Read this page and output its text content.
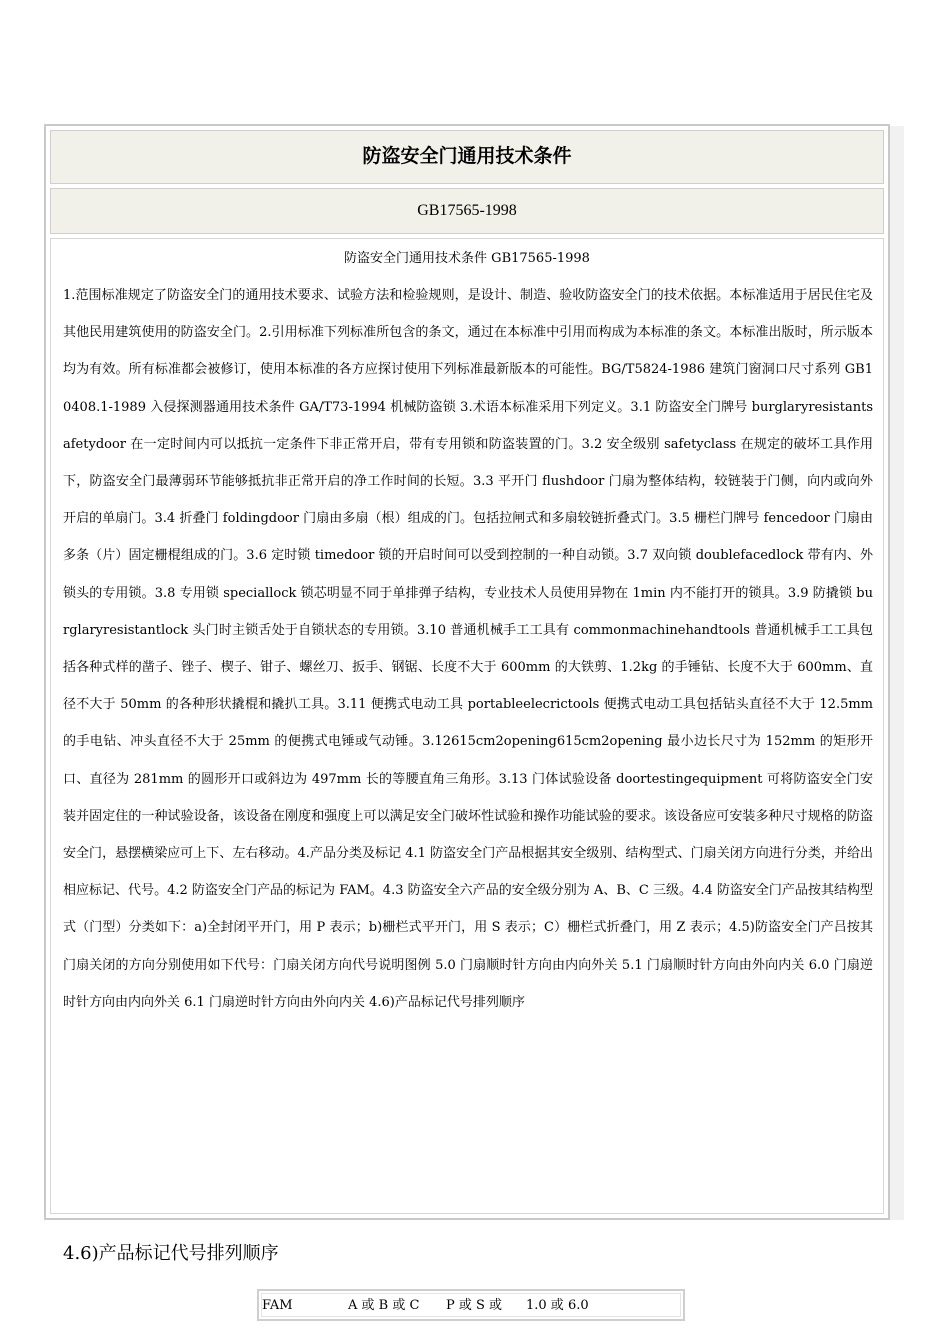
防盗安全门通用技术条件
GB17565-1998
防盗安全门通用技术条件 GB17565-1998
1.范围标准规定了防盗安全门的通用技术要求、试验方法和检验规则，是设计、制造、验收防盗安全门的技术依据。本标准适用于居民住宅及其他民用建筑使用的防盗安全门。2.引用标准下列标准所包含的条文，通过在本标准中引用而构成为本标准的条文。本标准出版时，所示版本均为有效。所有标准都会被修订，使用本标准的各方应探讨使用下列标准最新版本的可能性。BG/T5824-1986 建筑门窗洞口尺寸系列 GB10408.1-1989 入侵探测器通用技术条件 GA/T73-1994 机械防盗锁 3.术语本标准采用下列定义。3.1 防盗安全门牌号 burglaryresistantsafetydoor 在一定时间内可以抵抗一定条件下非正常开启，带有专用锁和防盗装置的门。3.2 安全级别 safetyclass 在规定的破坏工具作用下，防盗安全门最薄弱环节能够抵抗非正常开启的净工作时间的长短。3.3 平开门 flushdoor 门扇为整体结构，较链装于门侧，向内或向外开启的单扇门。3.4 折叠门 foldingdoor 门扇由多扇（根）组成的门。包括拉闸式和多扇较链折叠式门。3.5 栅栏门牌号 fencedoor 门扇由多条（片）固定栅棍组成的门。3.6 定时锁 timedoor 锁的开启时间可以受到控制的一种自动锁。3.7 双向锁 doublefacedlock 带有内、外锁头的专用锁。3.8 专用锁 speciallock 锁芯明显不同于单排弹子结构，专业技术人员使用异物在 1min 内不能打开的锁具。3.9 防撬锁 burglaryresistantlock 头门时主锁舌处于自锁状态的专用锁。3.10 普通机械手工工具有 commonmachinehandtools 普通机械手工工具包括各种式样的凿子、锉子、楔子、钳子、螺丝刀、扳手、钢锯、长度不大于 600mm 的大铁剪、1.2kg 的手锤钻、长度不大于 600mm、直径不大于 50mm 的各种形状撬棍和撬扒工具。3.11 便携式电动工具 portableelecrictools 便携式电动工具包括钻头直径不大于 12.5mm 的手电钻、冲头直径不大于 25mm 的便携式电锤或气动锤。3.12615cm2opening615cm2opening 最小边长尺寸为 152mm 的矩形开口、直径为 281mm 的圆形开口或斜边为 497mm 长的等腰直角三角形。3.13 门体试验设备 doortestingequipment 可将防盗安全门安装并固定住的一种试验设备，该设备在刚度和强度上可以满足安全门破坏性试验和操作功能试验的要求。该设备应可安装多种尺寸规格的防盗安全门，悬摆横梁应可上下、左右移动。4.产品分类及标记 4.1 防盗安全门产品根据其安全级别、结构型式、门扇关闭方向进行分类，并给出相应标记、代号。4.2 防盗安全门产品的标记为 FAM。4.3 防盗安全六产品的安全级分别为 A、B、C 三级。4.4 防盗安全门产品按其结构型式（门型）分类如下：a)全封闭平开门，用 P 表示；b)栅栏式平开门，用 S 表示；C）栅栏式折叠门，用 Z 表示；4.5)防盗安全门产吕按其门扇关闭的方向分别使用如下代号：门扇关闭方向代号说明图例 5.0 门扇顺时针方向由内向外关 5.1 门扇顺时针方向由外向内关 6.0 门扇逆时针方向由内向外关 6.1 门扇逆时针方向由外向内关 4.6)产品标记代号排列顺序
4.6)产品标记代号排列顺序
FAM	A 或 B 或 C P 或 S 或 1.0 或 6.0
